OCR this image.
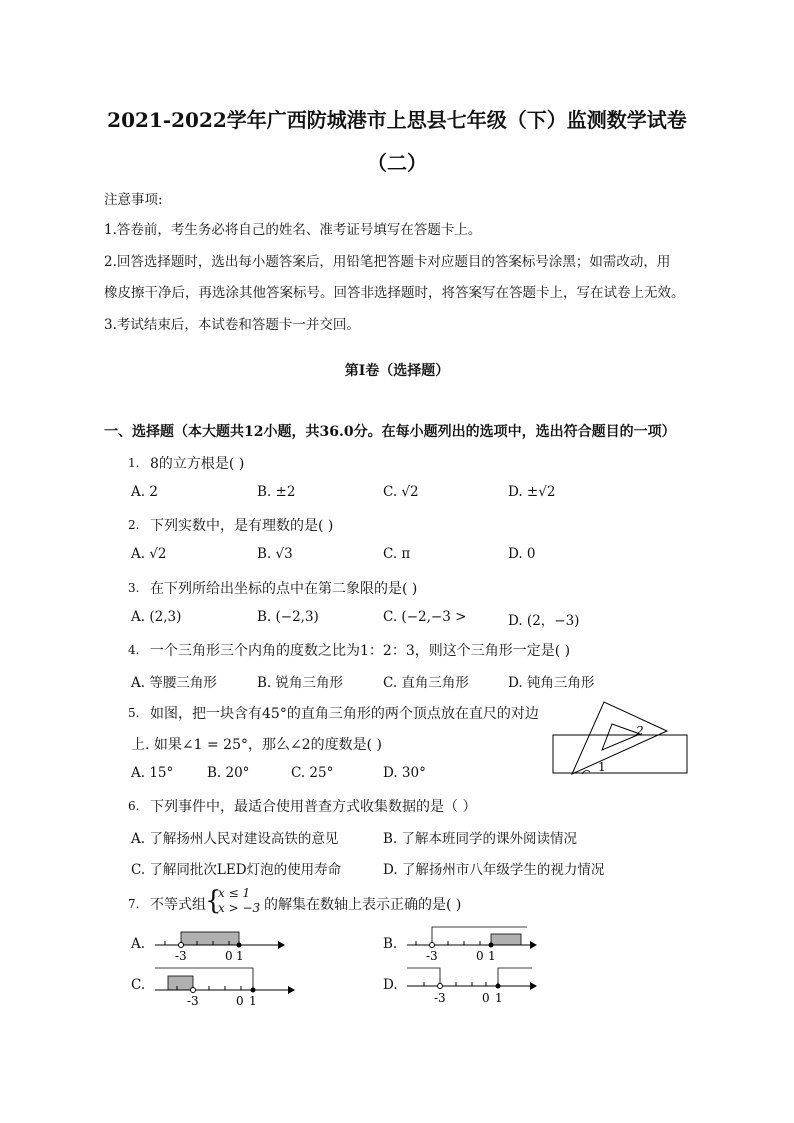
2021-2022学年广西防城港市上思县七年级（下）监测数学试卷
（二）
注意事项:
1.答卷前，考生务必将自己的姓名、准考证号填写在答题卡上。
2.回答选择题时，选出每小题答案后，用铅笔把答题卡对应题目的答案标号涂黑；如需改动，用
橡皮擦干净后，再选涂其他答案标号。回答非选择题时，将答案写在答题卡上，写在试卷上无效。
3.考试结束后，本试卷和答题卡一并交回。
第I卷（选择题）
一、选择题（本大题共12小题，共36.0分。在每小题列出的选项中，选出符合题目的一项）
1. 8的立方根是( )
A. 2	B. ±2	C. √2	D. ±√2
2. 下列实数中，是有理数的是( )
A. √2	B. √3	C. π	D. 0
3. 在下列所给出坐标的点中在第二象限的是( )
A. (2,3)	B. (−2,3)	C. (−2,−3 >	D. (2，−3)
4. 一个三角形三个内角的度数之比为1：2：3，则这个三角形一定是( )
A. 等腰三角形	B. 锐角三角形	C. 直角三角形	D. 钝角三角形
5. 如图，把一块含有45°的直角三角形的两个顶点放在直尺的对边
上. 如果∠1 = 25°，那么∠2的度数是( )
A. 15° B. 20°	C. 25°	D. 30°
2
1
6. 下列事件中，最适合使用普查方式收集数据的是（ ）
A. 了解扬州人民对建设高铁的意见	B. 了解本班同学的课外阅读情况
C. 了解同批次LED灯泡的使用寿命	D. 了解扬州市八年级学生的视力情况
7. 不等式组 {
x ≤ 1
x > −3 的解集在数轴上表示正确的是( )
A.
-3	0 1
B.
-3	0 1
C.
-3	0 1
D.
-3	0 1
